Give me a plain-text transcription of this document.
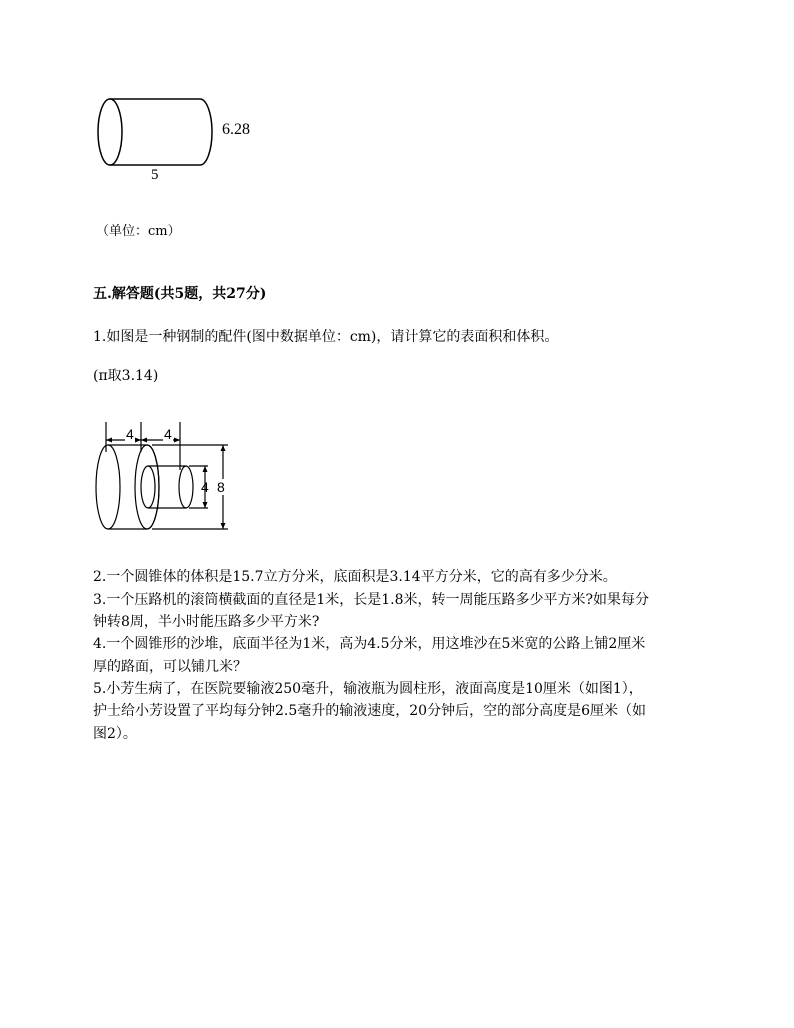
6.28
5
（单位：cm）
五.解答题(共5题，共27分)
1.如图是一种钢制的配件(图中数据单位：cm)，请计算它的表面积和体积。
(π取3.14)
4 4
4 8
2.一个圆锥体的体积是15.7立方分米，底面积是3.14平方分米，它的高有多少分米。
3.一个压路机的滚筒横截面的直径是1米，长是1.8米，转一周能压路多少平方米?如果每分
钟转8周，半小时能压路多少平方米?
4.一个圆锥形的沙堆，底面半径为1米，高为4.5分米，用这堆沙在5米宽的公路上铺2厘米
厚的路面，可以铺几米？
5.小芳生病了，在医院要输液250毫升，输液瓶为圆柱形，液面高度是10厘米（如图1），
护士给小芳设置了平均每分钟2.5毫升的输液速度，20分钟后，空的部分高度是6厘米（如
图2）。
